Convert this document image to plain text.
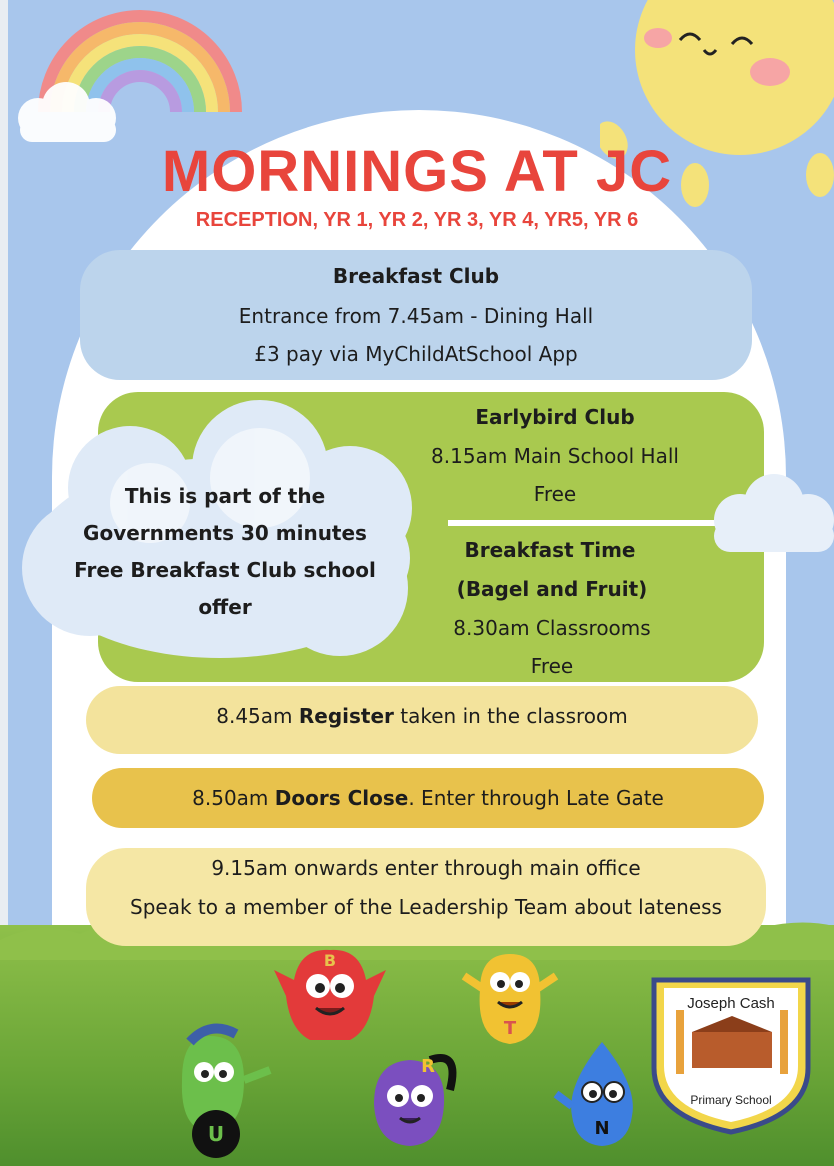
MORNINGS AT JC
RECEPTION, YR 1, YR 2, YR 3, YR 4, YR5, YR 6
Breakfast Club
Entrance from 7.45am - Dining Hall
£3 pay via MyChildAtSchool App
Earlybird Club
8.15am Main School Hall
Free
Breakfast Time
(Bagel and Fruit)
8.30am Classrooms
Free
This is part of the
Governments 30 minutes
Free Breakfast Club school
offer
8.45am Register taken in the classroom
8.50am Doors Close. Enter through Late Gate
9.15am onwards enter through main office
Speak to a member of the Leadership Team about lateness
B
T
U
R
N
Joseph Cash
Primary School
